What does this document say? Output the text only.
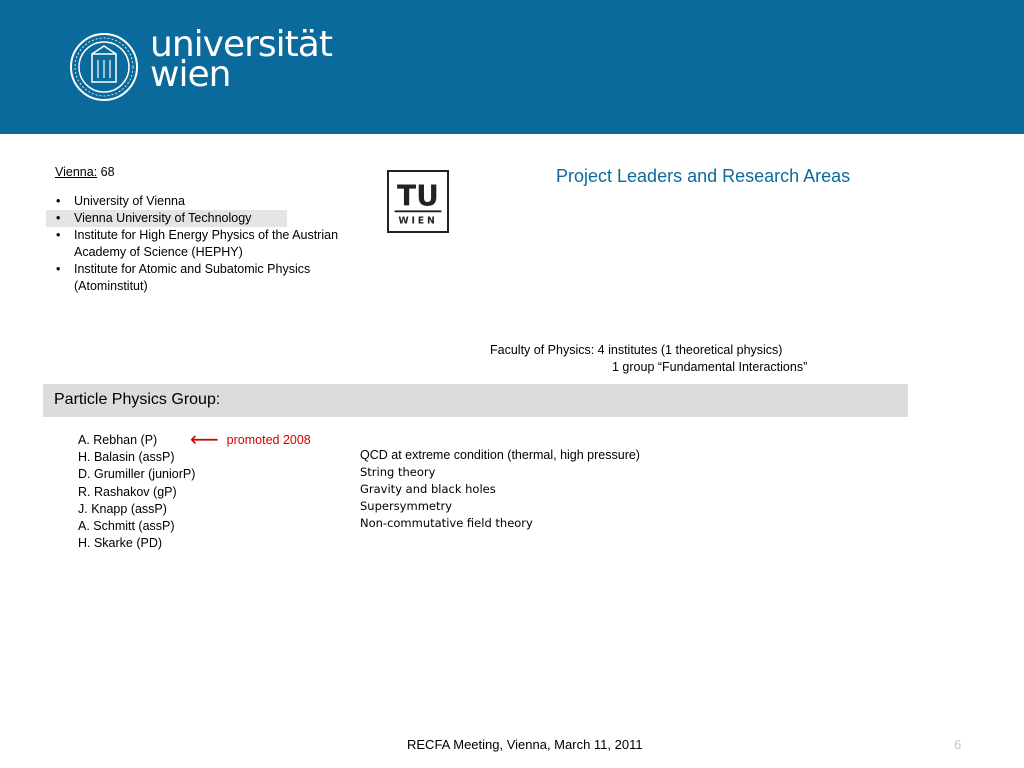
universität
wien
Vienna: 68
• University of Vienna
• Vienna University of Technology
• Institute for High Energy Physics of the Austrian Academy of Science (HEPHY)
• Institute for Atomic and Subatomic Physics (Atominstitut)
TU
WIEN
Project Leaders and Research Areas
Faculty of Physics: 4 institutes (1 theoretical physics)
1 group “Fundamental Interactions”
Particle Physics Group:
A. Rebhan (P)
H. Balasin (assP)
D. Grumiller (juniorP)
R. Rashakov (gP)
J. Knapp (assP)
A. Schmitt (assP)
H. Skarke (PD)
⟵ promoted 2008
QCD at extreme condition (thermal, high pressure)
String theory
Gravity and black holes
Supersymmetry
Non-commutative field theory
RECFA Meeting, Vienna, March 11, 2011	6
